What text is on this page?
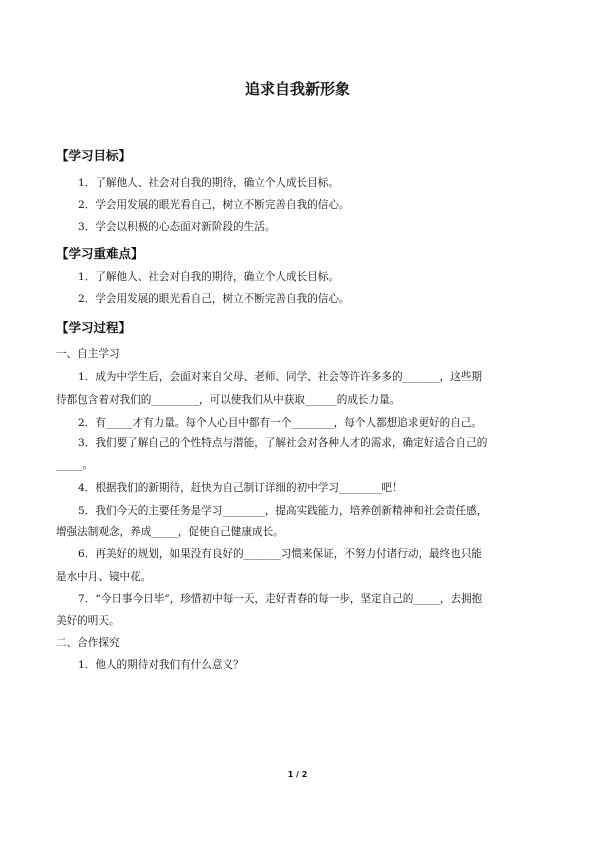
追求自我新形象
【学习目标】
1．了解他人、社会对自我的期待，确立个人成长目标。
2．学会用发展的眼光看自己，树立不断完善自我的信心。
3．学会以积极的心态面对新阶段的生活。
【学习重难点】
1．了解他人、社会对自我的期待，确立个人成长目标。
2．学会用发展的眼光看自己，树立不断完善自我的信心。
【学习过程】
一、自主学习
1．成为中学生后，会面对来自父母、老师、同学、社会等许许多多的_______，这些期
待都包含着对我们的_________，可以使我们从中获取______的成长力量。
2．有_____才有力量。每个人心目中都有一个________，每个人都想追求更好的自己。
3．我们要了解自己的个性特点与潜能，了解社会对各种人才的需求，确定好适合自己的
_____。
4．根据我们的新期待，赶快为自己制订详细的初中学习________吧！
5．我们今天的主要任务是学习________，提高实践能力，培养创新精神和社会责任感，
增强法制观念，养成_____，促使自己健康成长。
6．再美好的规划，如果没有良好的_______习惯来保证，不努力付诸行动，最终也只能
是水中月、镜中花。
7．“今日事今日毕”，珍惜初中每一天，走好青春的每一步，坚定自己的_____，去拥抱
美好的明天。
二、合作探究
1．他人的期待对我们有什么意义？
1 / 2
